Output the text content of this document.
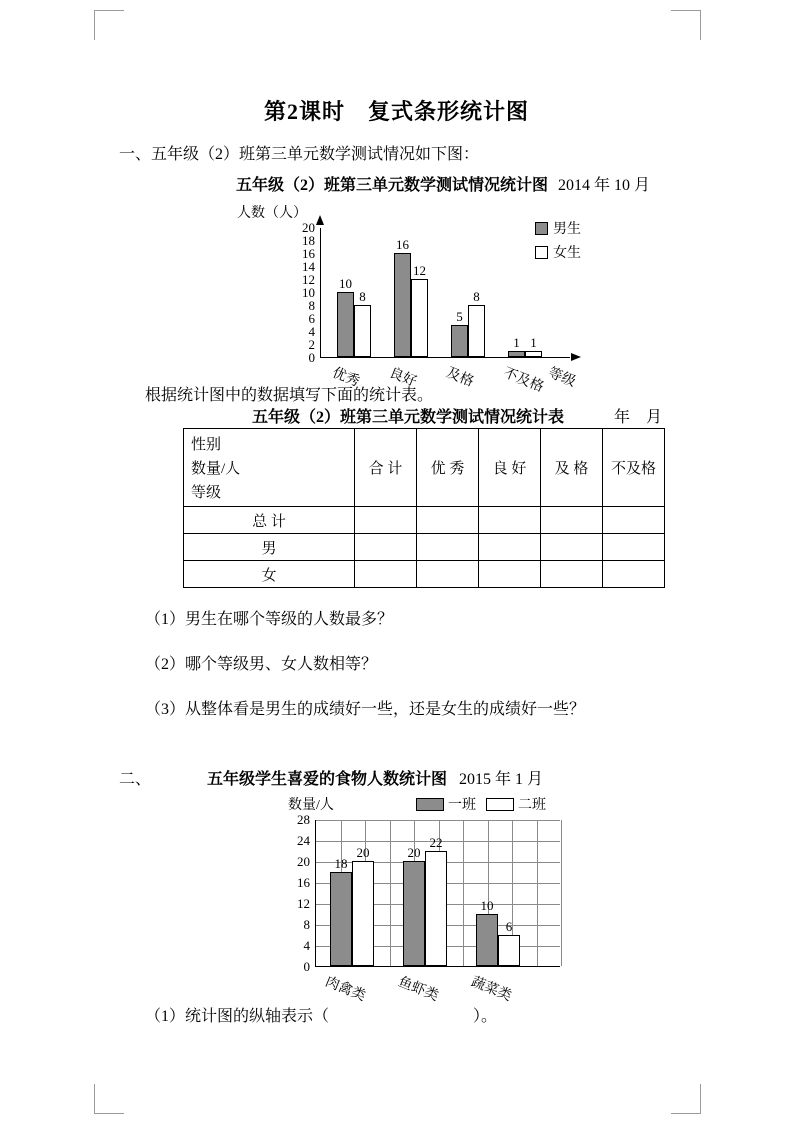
第2课时　复式条形统计图
一、五年级（2）班第三单元数学测试情况如下图：
五年级（2）班第三单元数学测试情况统计图 2014 年 10 月
人数（人）
男生
女生
0
2
4
6
8
10
12
14
16
18
20
10
8
优秀
16
12
良好
5
8
及格
1 1
不及格 等级
根据统计图中的数据填写下面的统计表。
五年级（2）班第三单元数学测试情况统计表	年　月
性别
数量/人
等级	合 计	优 秀	良 好	及 格	不及格
总 计					
男					
女					
（1）男生在哪个等级的人数最多？
（2）哪个等级男、女人数相等？
（3）从整体看是男生的成绩好一些，还是女生的成绩好一些？
二、	五年级学生喜爱的食物人数统计图 2015 年 1 月
数量/人	一班	二班
0
4
8
12
16
20
24
28
18
20
肉禽类
20
22
鱼虾类
10
6
蔬菜类
（1）统计图的纵轴表示（　　　　　　　　　）。
